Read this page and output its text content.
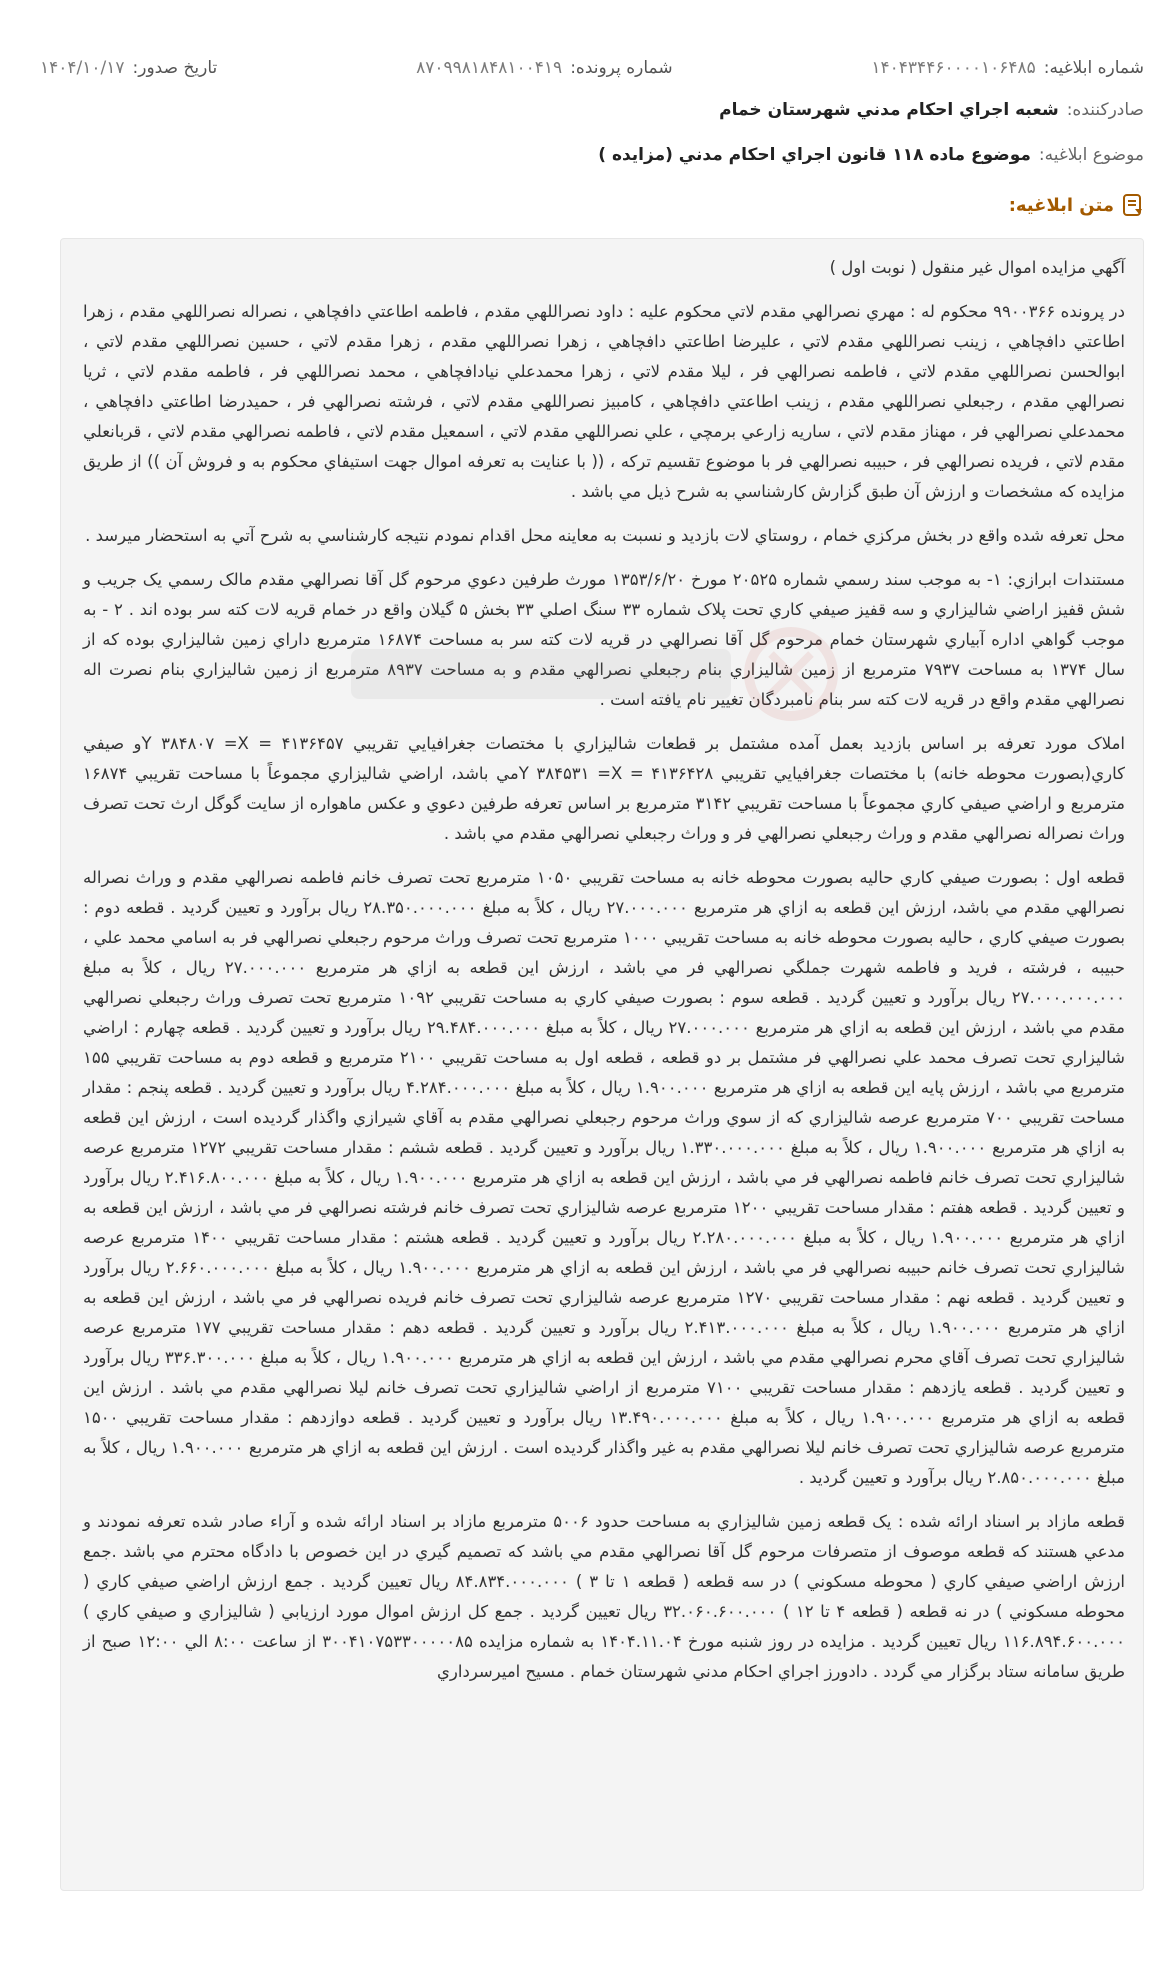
شماره ابلاغيه:
۱۴۰۴۳۴۴۶۰۰۰۰۱۰۶۴۸۵
شماره پرونده:
۸۷۰۹۹۸۱۸۴۸۱۰۰۴۱۹
تاريخ صدور:
۱۴۰۴/۱۰/۱۷
صادرکننده:
شعبه اجراي احکام مدني شهرستان خمام
موضوع ابلاغيه:
موضوع ماده ۱۱۸ قانون اجراي احکام مدني (مزايده )
متن ابلاغيه:

آگهي مزايده اموال غير منقول ( نوبت اول )

در پرونده ۹۹۰۰۳۶۶ محکوم له : مهري نصرالهي مقدم لاتي محکوم عليه : داود نصراللهي مقدم ، فاطمه اطاعتي دافچاهي ، نصراله نصراللهي مقدم ، زهرا اطاعتي دافچاهي ، زينب نصراللهي مقدم لاتي ، عليرضا اطاعتي دافچاهي ، زهرا نصراللهي مقدم ، زهرا مقدم لاتي ، حسين نصراللهي مقدم لاتي ، ابوالحسن نصراللهي مقدم لاتي ، فاطمه نصرالهي فر ، ليلا مقدم لاتي ، زهرا محمدعلي نيادافچاهي ، محمد نصراللهي فر ، فاطمه مقدم لاتي ، ثريا نصرالهي مقدم ، رجبعلي نصراللهي مقدم ، زينب اطاعتي دافچاهي ، کامبيز نصراللهي مقدم لاتي ، فرشته نصرالهي فر ، حميدرضا اطاعتي دافچاهي ، محمدعلي نصرالهي فر ، مهناز مقدم لاتي ، ساريه زارعي برمچي ، علي نصراللهي مقدم لاتي ، اسمعيل مقدم لاتي ، فاطمه نصرالهي مقدم لاتي ، قربانعلي مقدم لاتي ، فريده نصرالهي فر ، حبيبه نصرالهي فر با موضوع تقسيم ترکه ، (( با عنايت به تعرفه اموال جهت استيفاي محکوم به و فروش آن )) از طريق مزايده که مشخصات و ارزش آن طبق گزارش کارشناسي به شرح ذيل مي باشد .

محل تعرفه شده واقع در بخش مرکزي خمام ، روستاي لات بازديد و نسبت به معاينه محل اقدام نمودم نتيجه کارشناسي به شرح آتي به استحضار ميرسد .

مستندات ابرازي: ۱- به موجب سند رسمي شماره ۲۰۵۲۵ مورخ ۱۳۵۳/۶/۲۰ مورث طرفين دعوي مرحوم گل آقا نصرالهي مقدم مالک رسمي يک جريب و شش قفيز اراضي شاليزاري و سه قفيز صيفي کاري تحت پلاک شماره ۳۳ سنگ اصلي ۳۳ بخش ۵ گيلان واقع در خمام قريه لات کته سر بوده اند . ۲ - به موجب گواهي اداره آبياري شهرستان خمام مرحوم گل آقا نصرالهي در قريه لات کته سر به مساحت ۱۶۸۷۴ مترمربع داراي زمين شاليزاري بوده که از سال ۱۳۷۴ به مساحت ۷۹۳۷ مترمربع از زمين شاليزاري بنام رجبعلي نصرالهي مقدم و به مساحت ۸۹۳۷ مترمربع از زمين شاليزاري بنام نصرت اله نصرالهي مقدم واقع در قريه لات کته سر بنام نامبردگان تغيير نام يافته است .

املاک مورد تعرفه بر اساس بازديد بعمل آمده مشتمل بر قطعات شاليزاري با مختصات جغرافيايي تقريبي ۴۱۳۶۴۵۷ = Y ۳۸۴۸۰۷ =Xو صيفي کاري(بصورت محوطه خانه) با مختصات جغرافيايي تقريبي ۴۱۳۶۴۲۸ = Y ۳۸۴۵۳۱ =Xمي باشد، اراضي شاليزاري مجموعاً با مساحت تقريبي ۱۶۸۷۴ مترمربع و اراضي صيفي کاري مجموعاً با مساحت تقريبي ۳۱۴۲ مترمربع بر اساس تعرفه طرفين دعوي و عکس ماهواره از سايت گوگل ارث تحت تصرف وراث نصراله نصرالهي مقدم و وراث رجبعلي نصرالهي فر و وراث رجبعلي نصرالهي مقدم مي باشد .

قطعه اول : بصورت صيفي کاري حاليه بصورت محوطه خانه به مساحت تقريبي ۱۰۵۰ مترمربع تحت تصرف خانم فاطمه نصرالهي مقدم و وراث نصراله نصرالهي مقدم مي باشد، ارزش اين قطعه به ازاي هر مترمربع ۲۷.۰۰۰.۰۰۰ ريال ، کلاً به مبلغ ۲۸.۳۵۰.۰۰۰.۰۰۰ ريال برآورد و تعيين گرديد . قطعه دوم : بصورت صيفي کاري ، حاليه بصورت محوطه خانه به مساحت تقريبي ۱۰۰۰ مترمربع تحت تصرف وراث مرحوم رجبعلي نصرالهي فر به اسامي محمد علي ، حبيبه ، فرشته ، فريد و فاطمه شهرت جملگي نصرالهي فر مي باشد ، ارزش اين قطعه به ازاي هر مترمربع ۲۷.۰۰۰.۰۰۰ ريال ، کلاً به مبلغ ۲۷.۰۰۰.۰۰۰.۰۰۰ ريال برآورد و تعيين گرديد . قطعه سوم : بصورت صيفي کاري به مساحت تقريبي ۱۰۹۲ مترمربع تحت تصرف وراث رجبعلي نصرالهي مقدم مي باشد ، ارزش اين قطعه به ازاي هر مترمربع ۲۷.۰۰۰.۰۰۰ ريال ، کلاً به مبلغ ۲۹.۴۸۴.۰۰۰.۰۰۰ ريال برآورد و تعيين گرديد . قطعه چهارم : اراضي شاليزاري تحت تصرف محمد علي نصرالهي فر مشتمل بر دو قطعه ، قطعه اول به مساحت تقريبي ۲۱۰۰ مترمربع و قطعه دوم به مساحت تقريبي ۱۵۵ مترمربع مي باشد ، ارزش پايه اين قطعه به ازاي هر مترمربع ۱.۹۰۰.۰۰۰ ريال ، کلاً به مبلغ ۴.۲۸۴.۰۰۰.۰۰۰ ريال برآورد و تعيين گرديد . قطعه پنجم : مقدار مساحت تقريبي ۷۰۰ مترمربع عرصه شاليزاري که از سوي وراث مرحوم رجبعلي نصرالهي مقدم به آقاي شيرازي واگذار گرديده است ، ارزش اين قطعه به ازاي هر مترمربع ۱.۹۰۰.۰۰۰ ريال ، کلاً به مبلغ ۱.۳۳۰.۰۰۰.۰۰۰ ريال برآورد و تعيين گرديد . قطعه ششم : مقدار مساحت تقريبي ۱۲۷۲ مترمربع عرصه شاليزاري تحت تصرف خانم فاطمه نصرالهي فر مي باشد ، ارزش اين قطعه به ازاي هر مترمربع ۱.۹۰۰.۰۰۰ ريال ، کلاً به مبلغ ۲.۴۱۶.۸۰۰.۰۰۰ ريال برآورد و تعيين گرديد . قطعه هفتم : مقدار مساحت تقريبي ۱۲۰۰ مترمربع عرصه شاليزاري تحت تصرف خانم فرشته نصرالهي فر مي باشد ، ارزش اين قطعه به ازاي هر مترمربع ۱.۹۰۰.۰۰۰ ريال ، کلاً به مبلغ ۲.۲۸۰.۰۰۰.۰۰۰ ريال برآورد و تعيين گرديد . قطعه هشتم : مقدار مساحت تقريبي ۱۴۰۰ مترمربع عرصه شاليزاري تحت تصرف خانم حبيبه نصرالهي فر مي باشد ، ارزش اين قطعه به ازاي هر مترمربع ۱.۹۰۰.۰۰۰ ريال ، کلاً به مبلغ ۲.۶۶۰.۰۰۰.۰۰۰ ريال برآورد و تعيين گرديد . قطعه نهم : مقدار مساحت تقريبي ۱۲۷۰ مترمربع عرصه شاليزاري تحت تصرف خانم فريده نصرالهي فر مي باشد ، ارزش اين قطعه به ازاي هر مترمربع ۱.۹۰۰.۰۰۰ ريال ، کلاً به مبلغ ۲.۴۱۳.۰۰۰.۰۰۰ ريال برآورد و تعيين گرديد . قطعه دهم : مقدار مساحت تقريبي ۱۷۷ مترمربع عرصه شاليزاري تحت تصرف آقاي محرم نصرالهي مقدم مي باشد ، ارزش اين قطعه به ازاي هر مترمربع ۱.۹۰۰.۰۰۰ ريال ، کلاً به مبلغ ۳۳۶.۳۰۰.۰۰۰ ريال برآورد و تعيين گرديد . قطعه يازدهم : مقدار مساحت تقريبي ۷۱۰۰ مترمربع از اراضي شاليزاري تحت تصرف خانم ليلا نصرالهي مقدم مي باشد . ارزش اين قطعه به ازاي هر مترمربع ۱.۹۰۰.۰۰۰ ريال ، کلاً به مبلغ ۱۳.۴۹۰.۰۰۰.۰۰۰ ريال برآورد و تعيين گرديد . قطعه دوازدهم : مقدار مساحت تقريبي ۱۵۰۰ مترمربع عرصه شاليزاري تحت تصرف خانم ليلا نصرالهي مقدم به غير واگذار گرديده است . ارزش اين قطعه به ازاي هر مترمربع ۱.۹۰۰.۰۰۰ ريال ، کلاً به مبلغ ۲.۸۵۰.۰۰۰.۰۰۰ ريال برآورد و تعيين گرديد .

قطعه مازاد بر اسناد ارائه شده : يک قطعه زمين شاليزاري به مساحت حدود ۵۰۰۶ مترمربع مازاد بر اسناد ارائه شده و آراء صادر شده تعرفه نمودند و مدعي هستند که قطعه موصوف از متصرفات مرحوم گل آقا نصرالهي مقدم مي باشد که تصميم گيري در اين خصوص با دادگاه محترم مي باشد .جمع ارزش اراضي صيفي کاري ( محوطه مسکوني ) در سه قطعه ( قطعه ۱ تا ۳ ) ۸۴.۸۳۴.۰۰۰.۰۰۰ ريال تعيين گرديد . جمع ارزش اراضي صيفي کاري ( محوطه مسکوني ) در نه قطعه ( قطعه ۴ تا ۱۲ ) ۳۲.۰۶۰.۶۰۰.۰۰۰ ريال تعيين گرديد . جمع کل ارزش اموال مورد ارزيابي ( شاليزاري و صيفي کاري ) ۱۱۶.۸۹۴.۶۰۰.۰۰۰ ريال تعيين گرديد . مزايده در روز شنبه مورخ ۱۴۰۴.۱۱.۰۴ به شماره مزايده ۳۰۰۴۱۰۷۵۳۳۰۰۰۰۰۸۵ از ساعت ۸:۰۰ الي ۱۲:۰۰ صبح از طريق سامانه ستاد برگزار مي گردد . دادورز اجراي احکام مدني شهرستان خمام . مسيح اميرسرداري
